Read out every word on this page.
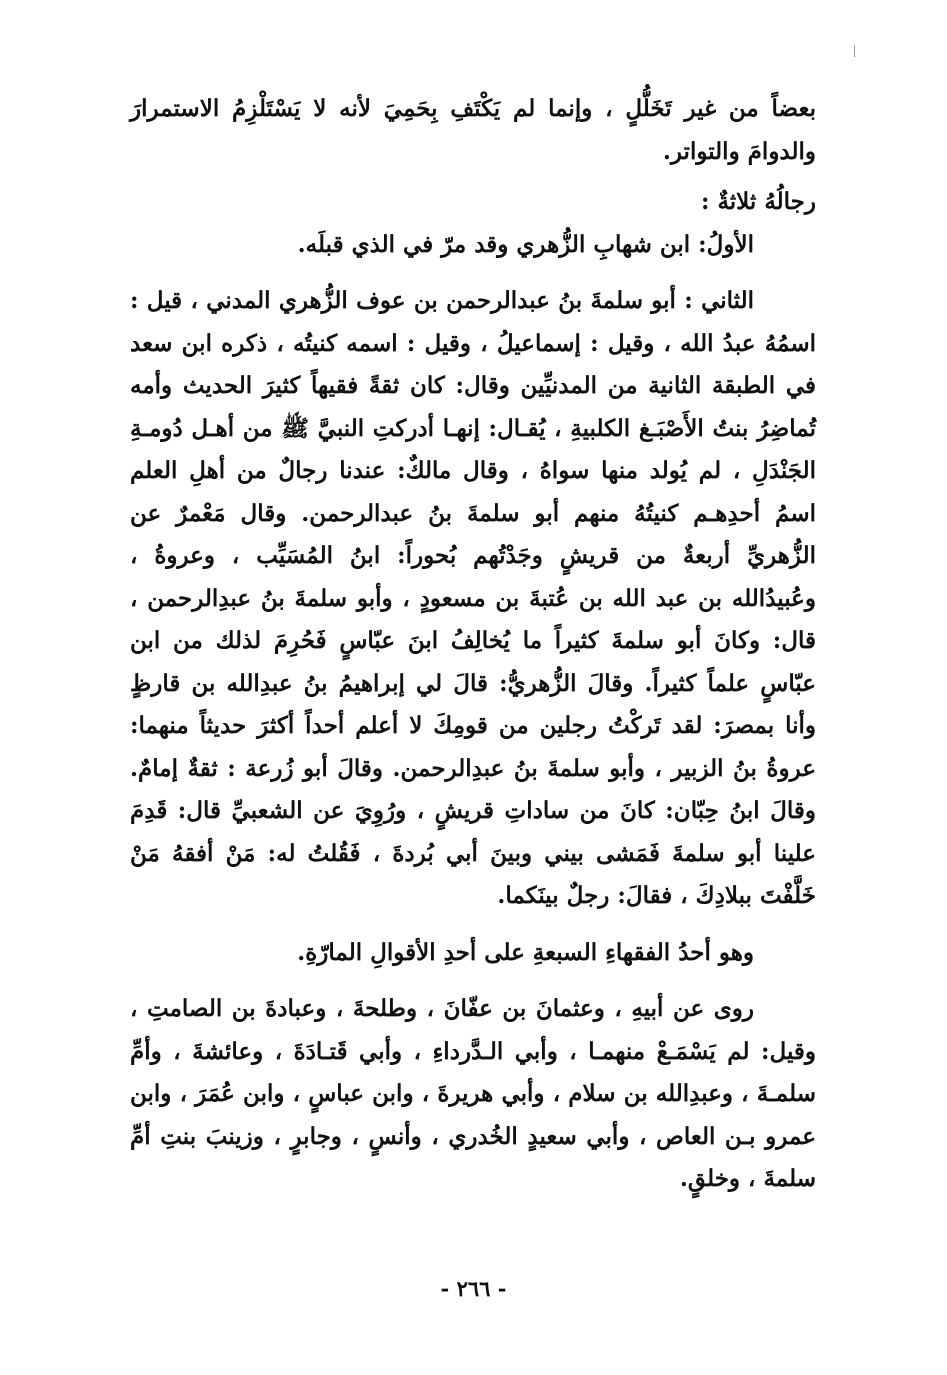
بعضاً من غير تَخَلُّلٍ ، وإنما لم يَكْتَفِ بِحَمِيَ لأنه لا يَسْتَلْزِمُ الاستمرارَ والدوامَ والتواتر.

رجالُهُ ثلاثةٌ :

الأولُ: ابن شهابِ الزُّهري وقد مرّ في الذي قبلَه.

الثاني : أبو سلمةَ بنُ عبدالرحمن بن عوف الزُّهري المدني ، قيل : اسمُهُ عبدُ الله ، وقيل : إسماعيلُ ، وقيل : اسمه كنيتُه ، ذكره ابن سعد في الطبقة الثانية من المدنيِّين وقال: كان ثقةً فقيهاً كثيرَ الحديث وأمه تُماضِرُ بنتُ الأَصْبَـغ الكلبيةِ ، يُقـال: إنهـا أدركتِ النبيَّ ﷺ من أهـل دُومـةِ الجَنْدَلِ ، لم يُولد منها سواهُ ، وقال مالكٌ: عندنا رجالٌ من أهلِ العلم اسمُ أحدِهـم كنيتُهُ منهم أبو سلمةَ بنُ عبدالرحمن. وقال مَعْمرٌ عن الزُّهريِّ أربعةٌ من قريشٍ وجَدْتُهم بُحوراً: ابنُ المُسَيِّب ، وعروةُ ، وعُبيدُالله بن عبد الله بن عُتبةَ بن مسعودٍ ، وأبو سلمةَ بنُ عبدِالرحمن ، قال: وكانَ أبو سلمةَ كثيراً ما يُخالِفُ ابنَ عبّاسٍ فَحُرِمَ لذلك من ابن عبّاسٍ علماً كثيراً. وقالَ الزُّهريُّ: قالَ لي إبراهيمُ بنُ عبدِالله بن قارظٍ وأنا بمصرَ: لقد تَركْتُ رجلين من قومِكَ لا أعلم أحداً أكثرَ حديثاً منهما: عروةُ بنُ الزبير ، وأبو سلمةَ بنُ عبدِالرحمن. وقالَ أبو زُرعة : ثقةٌ إمامٌ. وقالَ ابنُ حِبّان: كانَ من ساداتِ قريشٍ ، ورُوِيَ عن الشعبيِّ قال: قَدِمَ علينا أبو سلمةَ فَمَشى بيني وبينَ أبي بُردةَ ، فَقُلتُ له: مَنْ أفقهُ مَنْ خَلَّفْتَ ببلادِكَ ، فقالَ: رجلٌ بينَكما.

وهو أحدُ الفقهاءِ السبعةِ على أحدِ الأقوالِ المارّةِ.

روى عن أبيهِ ، وعثمانَ بن عفّانَ ، وطلحةَ ، وعبادةَ بن الصامتِ ، وقيل: لم يَسْمَـعْ منهمـا ، وأبي الـدَّرداءِ ، وأبي قَتـادَةَ ، وعائشةَ ، وأمِّ سلمـةَ ، وعبدِالله بن سلام ، وأبي هريرةَ ، وابن عباسٍ ، وابن عُمَرَ ، وابن عمرو بـن العاص ، وأبي سعيدٍ الخُدري ، وأنسٍ ، وجابرٍ ، وزينبَ بنتِ أمِّ سلمةَ ، وخلقٍ.

- ٢٦٦ -
